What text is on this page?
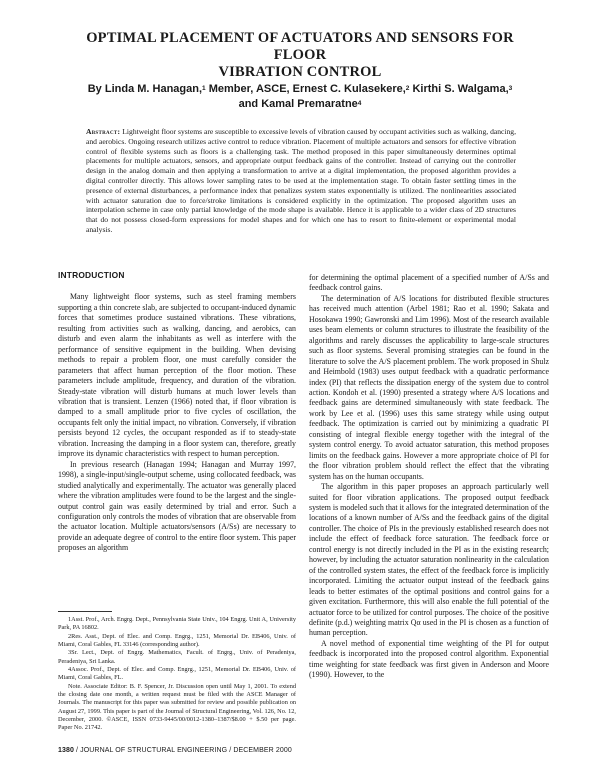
OPTIMAL PLACEMENT OF ACTUATORS AND SENSORS FOR FLOOR
VIBRATION CONTROL
By Linda M. Hanagan,$^1$ Member, ASCE, Ernest C. Kulasekere,$^2$ Kirthi S. Walgama,$^3$
and Kamal Premaratne$^4$
Abstract: Lightweight floor systems are susceptible to excessive levels of vibration caused by occupant activities such as walking, dancing, and aerobics. Ongoing research utilizes active control to reduce vibration. Placement of multiple actuators and sensors for effective vibration control of flexible systems such as floors is a challenging task. The method proposed in this paper simultaneously determines optimal placements for multiple actuators, sensors, and appropriate output feedback gains of the controller. Instead of carrying out the controller design in the analog domain and then applying a transformation to arrive at a digital implementation, the proposed algorithm provides a digital controller directly. This allows lower sampling rates to be used at the implementation stage. To obtain faster settling times in the presence of external disturbances, a performance index that penalizes system states exponentially is utilized. The nonlinearities associated with actuator saturation due to force/stroke limitations is considered explicitly in the optimization. The proposed algorithm uses an interpolation scheme in case only partial knowledge of the mode shape is available. Hence it is applicable to a wider class of 2D structures that do not possess closed-form expressions for model shapes and for which one has to resort to finite-element or experimental modal analysis.
INTRODUCTION

Many lightweight floor systems, such as steel framing members supporting a thin concrete slab, are subjected to occupant-induced dynamic forces that sometimes produce sustained vibrations. These vibrations, resulting from activities such as walking, dancing, and aerobics, can disturb and even alarm the inhabitants as well as interfere with the performance of sensitive equipment in the building. When devising methods to repair a problem floor, one must carefully consider the parameters that affect human perception of the floor motion. These parameters include amplitude, frequency, and duration of the vibration. Steady-state vibration will disturb humans at much lower levels than vibration that is transient. Lenzen (1966) noted that, if floor vibration is damped to a small amplitude prior to five cycles of oscillation, the occupants felt only the initial impact, no vibration. Conversely, if vibration persists beyond 12 cycles, the occupant responded as if to steady-state vibration. Increasing the damping in a floor system can, therefore, greatly improve its dynamic characteristics with respect to human perception.

In previous research (Hanagan 1994; Hanagan and Murray 1997, 1998), a single-input/single-output scheme, using collocated feedback, was studied analytically and experimentally. The actuator was generally placed where the vibration amplitudes were found to be the largest and the single-output control gain was easily determined by trial and error. Such a configuration only controls the modes of vibration that are observable from the actuator location. Multiple actuators/sensors (A/Ss) are necessary to provide an adequate degree of control to the entire floor system. This paper proposes an algorithm

for determining the optimal placement of a specified number of A/Ss and feedback control gains.

The determination of A/S locations for distributed flexible structures has received much attention (Arbel 1981; Rao et al. 1990; Sakata and Hosokawa 1990; Gawronski and Lim 1996). Most of the research available uses beam elements or column structures to illustrate the feasibility of the algorithms and rarely discusses the applicability to large-scale structures such as floor systems. Several promising strategies can be found in the literature to solve the A/S placement problem. The work proposed in Shulz and Heimbold (1983) uses output feedback with a quadratic performance index (PI) that reflects the dissipation energy of the system due to control action. Kondoh et al. (1990) presented a strategy where A/S locations and feedback gains are determined simultaneously with state feedback. The work by Lee et al. (1996) uses this same strategy while using output feedback. The optimization is carried out by minimizing a quadratic PI consisting of integral flexible energy together with the integral of the system control energy. To avoid actuator saturation, this method proposes limits on the feedback gains. However a more appropriate choice of PI for the floor vibration problem should reflect the effect that the vibrating system has on the human occupants.

The algorithm in this paper proposes an approach particularly well suited for floor vibration applications. The proposed output feedback system is modeled such that it allows for the integrated determination of the locations of a known number of A/Ss and the feedback gains of the digital controller. The choice of PIs in the previously established research does not include the effect of feedback force saturation. The feedback force or control energy is not directly included in the PI as in the existing research; however, by including the actuator saturation nonlinearity in the calculation of the controlled system states, the effect of the feedback force is implicitly incorporated. Limiting the actuator output instead of the feedback gains leads to better estimates of the optimal positions and control gains for a given excitation. Furthermore, this will also enable the full potential of the actuator force to be utilized for control purposes. The choice of the positive definite (p.d.) weighting matrix Qα used in the PI is chosen as a function of human perception.

A novel method of exponential time weighting of the PI for output feedback is incorporated into the proposed control algorithm. Exponential time weighting for state feedback was first given in Anderson and Moore (1990). However, to the

1Asst. Prof., Arch. Engrg. Dept., Pennsylvania State Univ., 104 Engrg. Unit A, University Park, PA 16802.

2Res. Asst., Dept. of Elec. and Comp. Engrg., 1251, Memorial Dr. EB406, Univ. of Miami, Coral Gables, FL 33146 (corresponding author).

3Sr. Lect., Dept. of Engrg. Mathematics, Facult. of Engrg., Univ. of Peradeniya, Peradeniya, Sri Lanka.

4Assoc. Prof., Dept. of Elec. and Comp. Engrg., 1251, Memorial Dr. EB406, Univ. of Miami, Coral Gables, FL.

Note. Associate Editor: B. F. Spencer, Jr. Discussion open until May 1, 2001. To extend the closing date one month, a written request must be filed with the ASCE Manager of Journals. The manuscript for this paper was submitted for review and possible publication on August 27, 1999. This paper is part of the Journal of Structural Engineering, Vol. 126, No. 12, December, 2000. ©ASCE, ISSN 0733-9445/00/0012-1380–1387/$8.00 + $.50 per page. Paper No. 21742.

1380 / JOURNAL OF STRUCTURAL ENGINEERING / DECEMBER 2000
